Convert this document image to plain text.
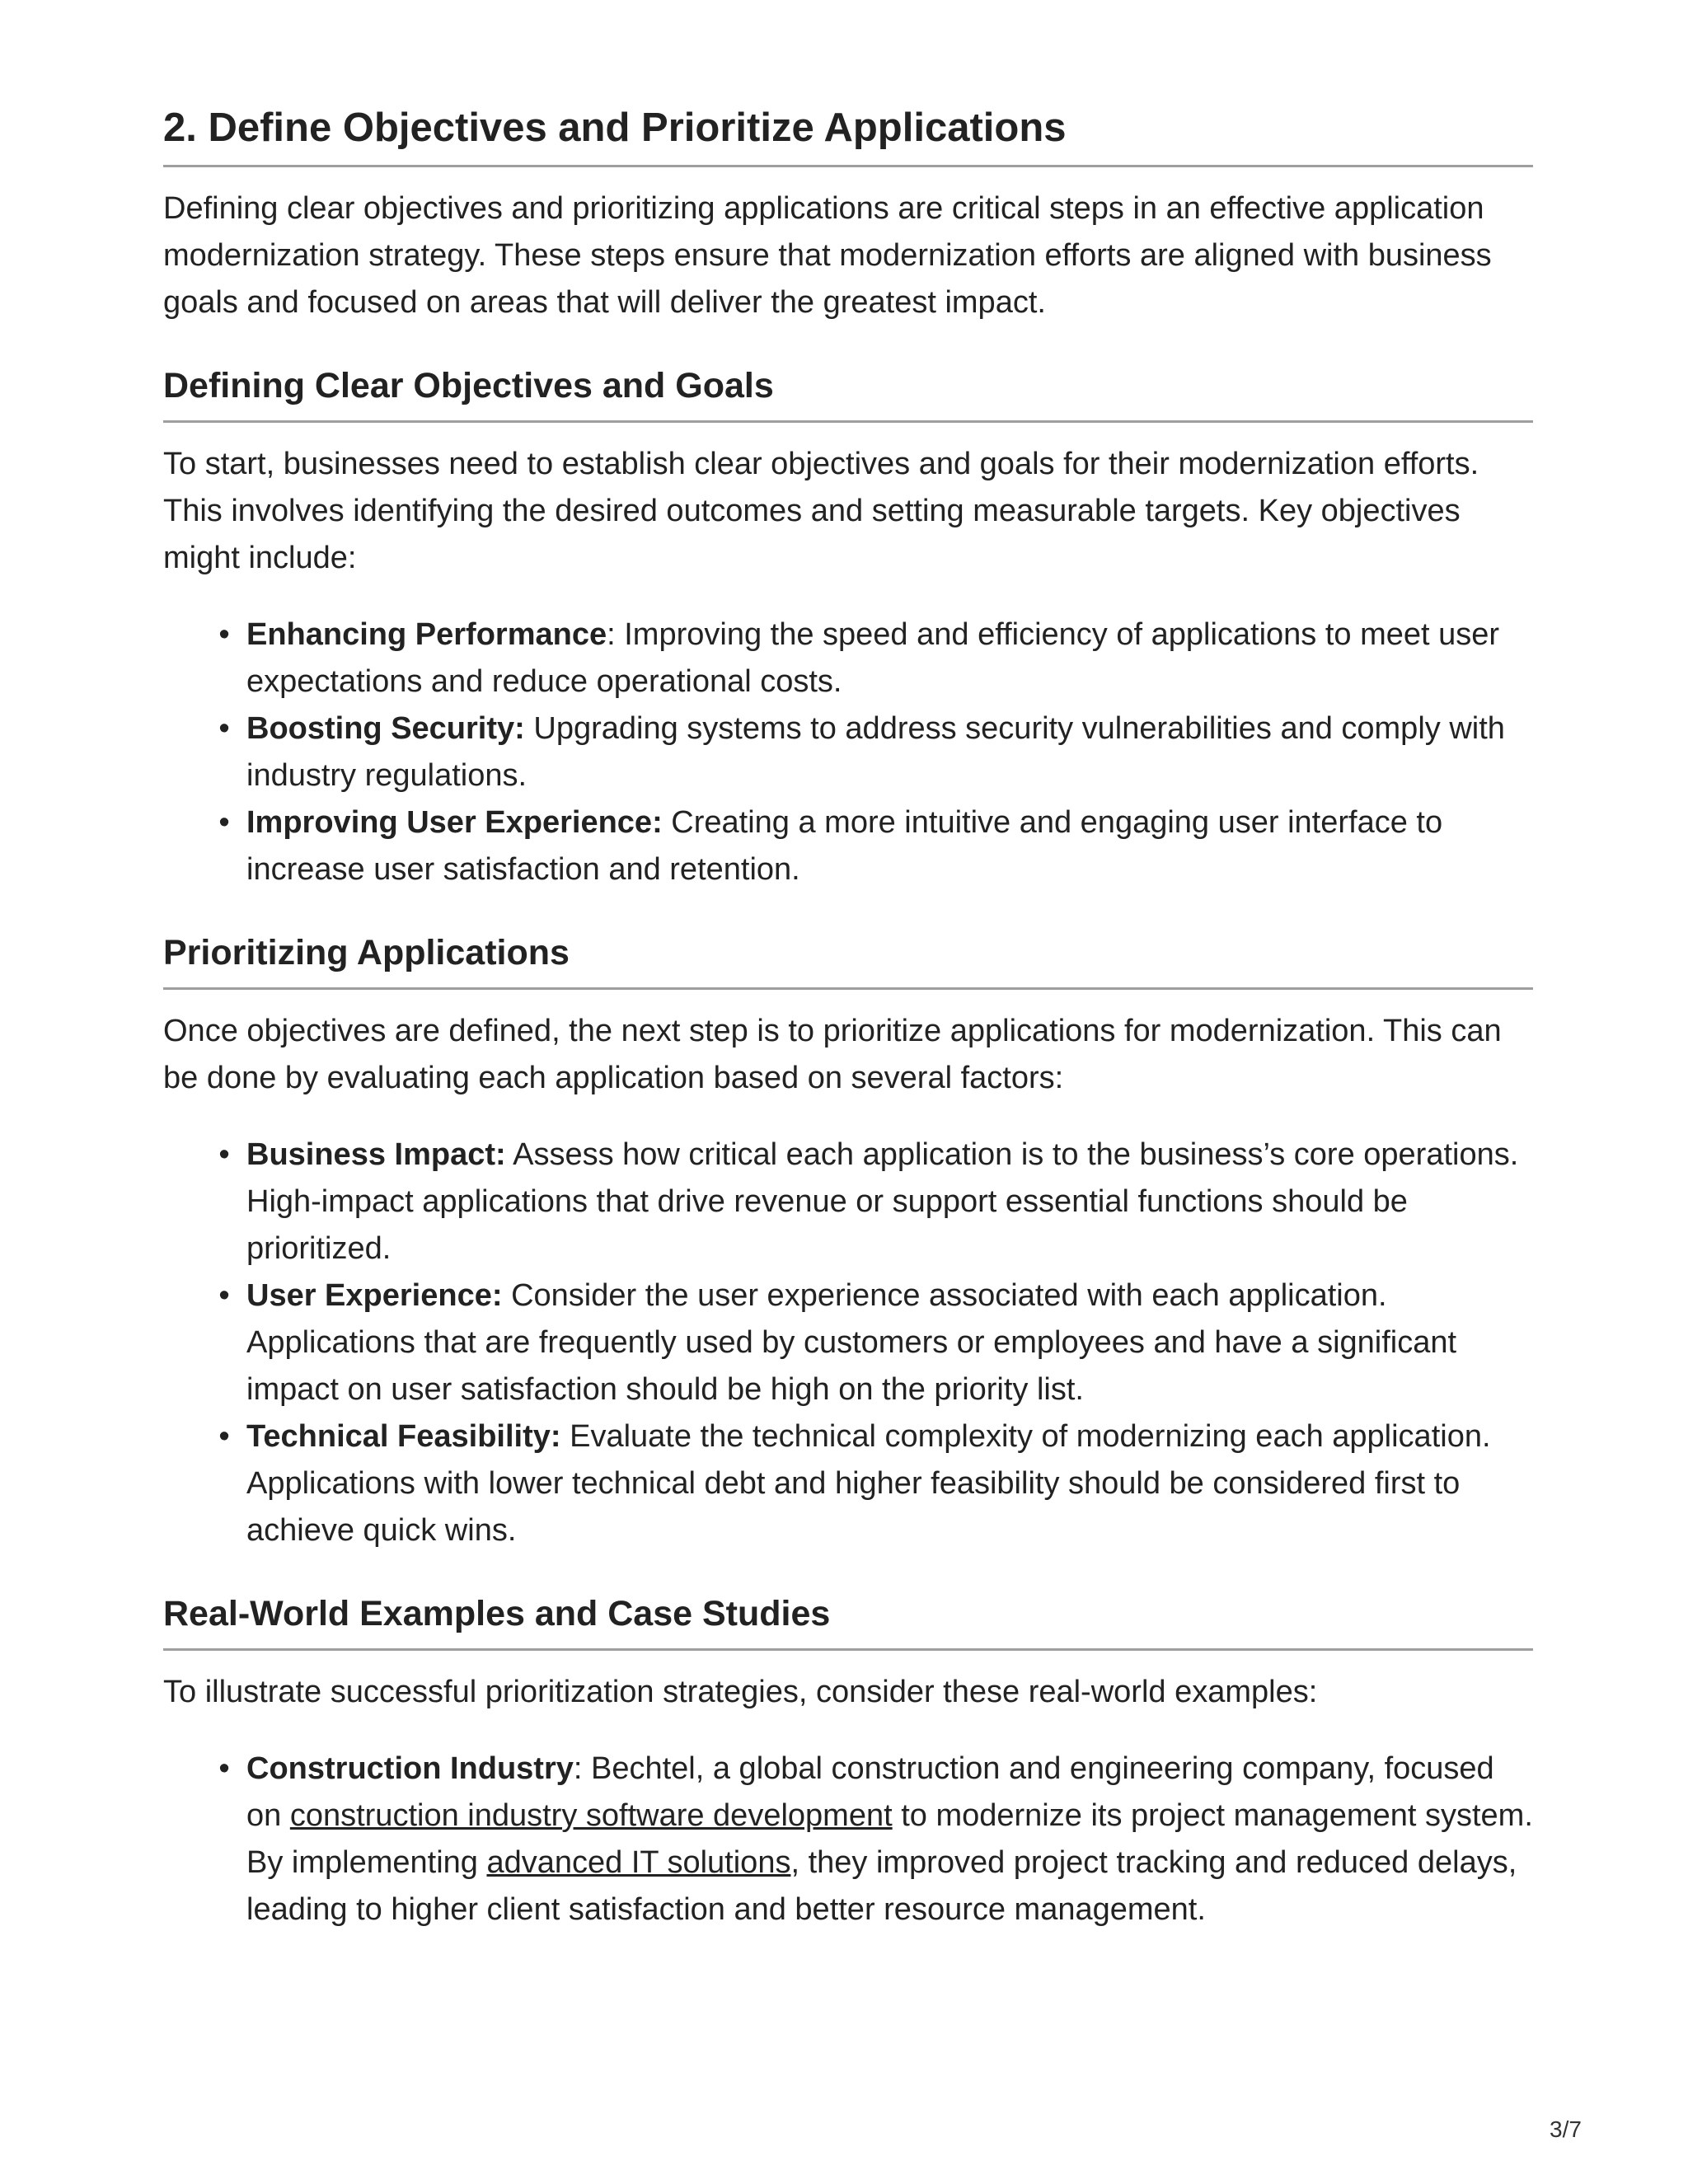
2. Define Objectives and Prioritize Applications

Defining clear objectives and prioritizing applications are critical steps in an effective application modernization strategy. These steps ensure that modernization efforts are aligned with business goals and focused on areas that will deliver the greatest impact.

Defining Clear Objectives and Goals

To start, businesses need to establish clear objectives and goals for their modernization efforts. This involves identifying the desired outcomes and setting measurable targets. Key objectives might include:

• Enhancing Performance: Improving the speed and efficiency of applications to meet user expectations and reduce operational costs.
• Boosting Security: Upgrading systems to address security vulnerabilities and comply with industry regulations.
• Improving User Experience: Creating a more intuitive and engaging user interface to increase user satisfaction and retention.
Prioritizing Applications

Once objectives are defined, the next step is to prioritize applications for modernization. This can be done by evaluating each application based on several factors:

• Business Impact: Assess how critical each application is to the business’s core operations. High-impact applications that drive revenue or support essential functions should be prioritized.
• User Experience: Consider the user experience associated with each application. Applications that are frequently used by customers or employees and have a significant impact on user satisfaction should be high on the priority list.
• Technical Feasibility: Evaluate the technical complexity of modernizing each application. Applications with lower technical debt and higher feasibility should be considered first to achieve quick wins.
Real-World Examples and Case Studies

To illustrate successful prioritization strategies, consider these real-world examples:

• Construction Industry: Bechtel, a global construction and engineering company, focused on construction industry software development to modernize its project management system. By implementing advanced IT solutions, they improved project tracking and reduced delays, leading to higher client satisfaction and better resource management.
3/7
